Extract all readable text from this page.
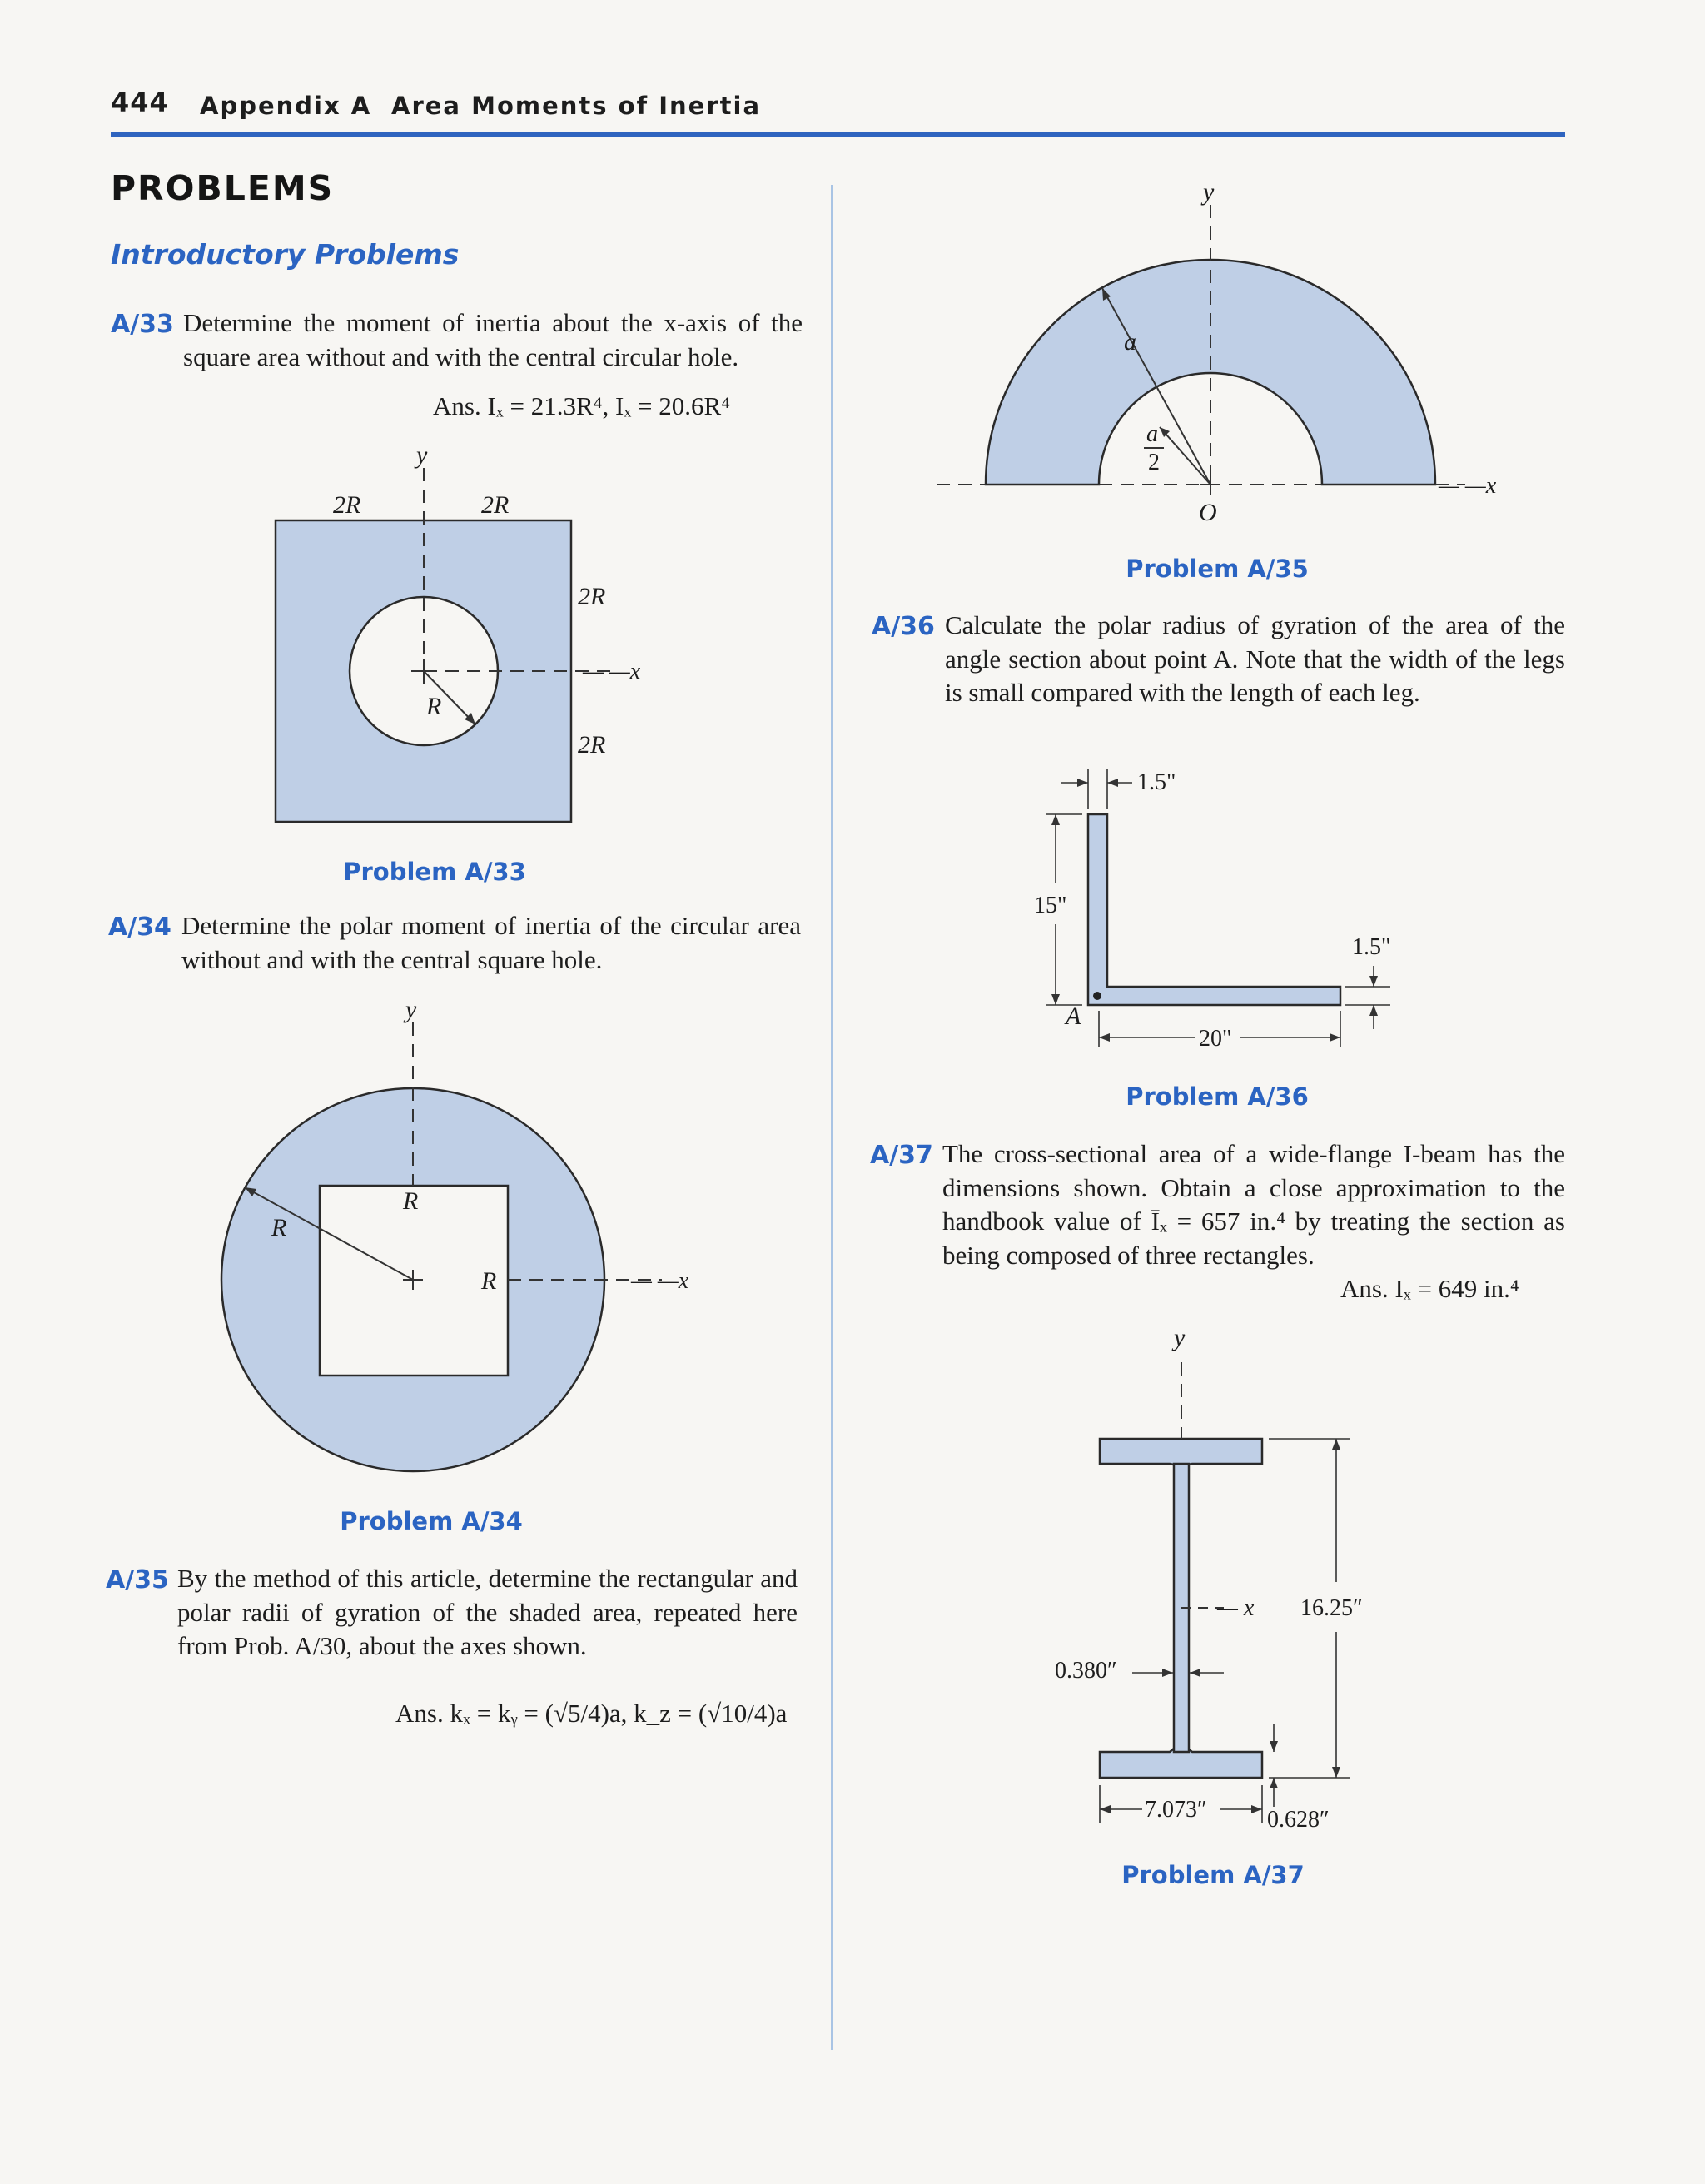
444 Appendix A Area Moments of Inertia
PROBLEMS
Introductory Problems
A/33 Determine the moment of inertia about the x-axis of the square area without and with the central circular hole.
Ans. Iₓ = 21.3R⁴, Iₓ = 20.6R⁴
y
— —x
2R	2R
2R
2R
R
Problem A/33
A/34 Determine the polar moment of inertia of the circular area without and with the central square hole.
y
— —x
R
R
R
Problem A/34
A/35 By the method of this article, determine the rectangular and polar radii of gyration of the shaded area, repeated here from Prob. A/30, about the axes shown.
Ans. kₓ = kᵧ = (√5/4)a, k_z = (√10/4)a
y
— —x
O
a
a
2
Problem A/35
A/36 Calculate the polar radius of gyration of the area of the angle section about point A. Note that the width of the legs is small compared with the length of each leg.
1.5"
15"
1.5"
20"
A
Problem A/36
A/37 The cross-sectional area of a wide-flange I-beam has the dimensions shown. Obtain a close approximation to the handbook value of Īₓ = 657 in.⁴ by treating the section as being composed of three rectangles.
Ans. Iₓ = 649 in.⁴
y
— x 16.25″
0.380″
7.073″	0.628″
Problem A/37
